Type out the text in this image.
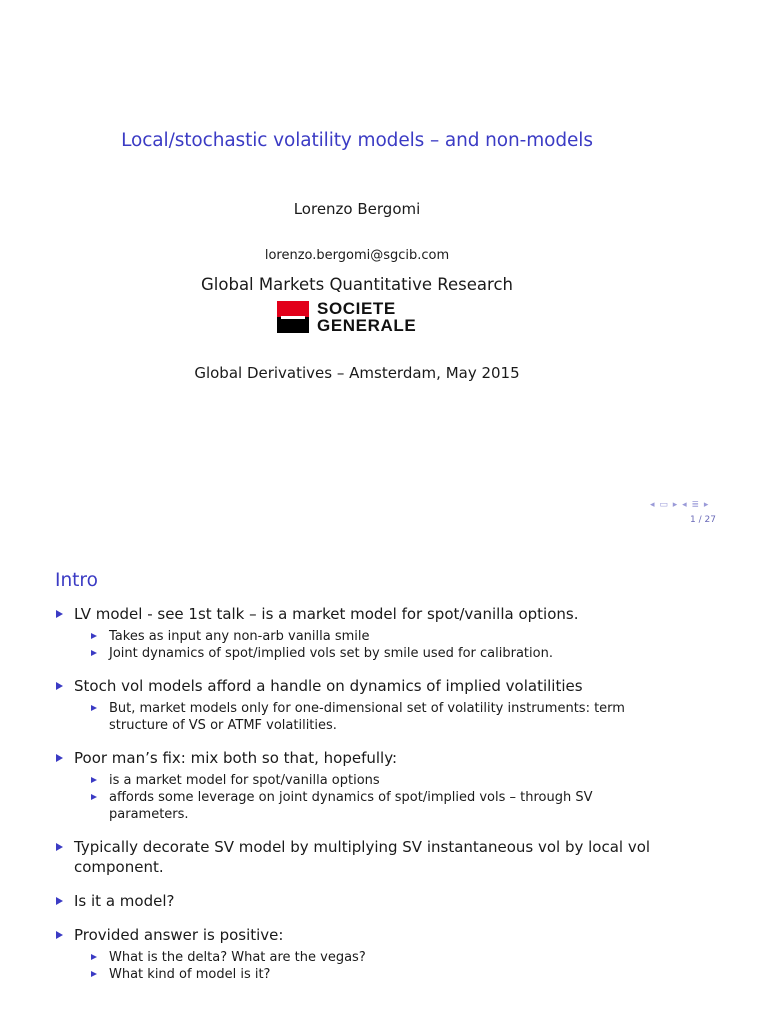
Local/stochastic volatility models – and non-models
Lorenzo Bergomi
lorenzo.bergomi@sgcib.com
Global Markets Quantitative Research
SOCIETE
GENERALE
Global Derivatives – Amsterdam, May 2015
◂ ▭ ▸ ◂ ≣ ▸
1 / 27
Intro
LV model - see 1st talk – is a market model for spot/vanilla options.
Takes as input any non-arb vanilla smile
Joint dynamics of spot/implied vols set by smile used for calibration.
Stoch vol models afford a handle on dynamics of implied volatilities
But, market models only for one-dimensional set of volatility instruments: term structure of VS or ATMF volatilities.
Poor man’s fix: mix both so that, hopefully:
is a market model for spot/vanilla options
affords some leverage on joint dynamics of spot/implied vols – through SV parameters.
Typically decorate SV model by multiplying SV instantaneous vol by local vol component.
Is it a model?
Provided answer is positive:
What is the delta? What are the vegas?
What kind of model is it?
